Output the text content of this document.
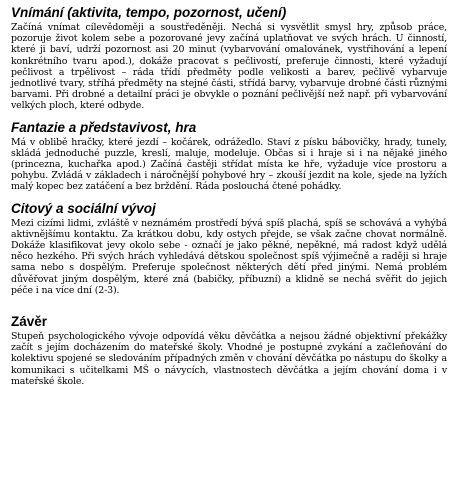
Vnímání (aktivita, tempo, pozornost, učení)

Začíná vnímat cílevědoměji a soustředěněji. Nechá si vysvětlit smysl hry, způsob práce, pozoruje život kolem sebe a pozorované jevy začíná uplatňovat ve svých hrách. U činností, které ji baví, udrží pozornost asi 20 minut (vybarvování omalovánek, vystřihování a lepení konkrétního tvaru apod.), dokáže pracovat s pečlivostí, preferuje činnosti, které vyžadují pečlivost a trpělivost – ráda třídí předměty podle velikosti a barev, pečlivě vybarvuje jednotlivé tvary, stříhá předměty na stejné části, střídá barvy, vybarvuje drobné části různými barvami. Při drobné a detailní práci je obvykle o poznání pečlivější než např. při vybarvování velkých ploch, které odbyde.

Fantazie a představivost, hra

Má v oblibě hračky, které jezdí – kočárek, odrážedlo. Staví z písku bábovičky, hrady, tunely, skládá jednoduché puzzle, kreslí, maluje, modeluje. Občas si i hraje si i na nějaké jiného (princezna, kuchařka apod.) Začíná častěji střídat místa ke hře, vyžaduje více prostoru a pohybu. Zvládá v základech i náročnější pohybové hry – zkouší jezdit na kole, sjede na lyžích malý kopec bez zatáčení a bez brždění. Ráda poslouchá čtené pohádky.

Citový a sociální vývoj

Mezi cizími lidmi, zvláště v neznámém prostředí bývá spíš plachá, spíš se schovává a vyhýbá aktivnějšímu kontaktu. Za krátkou dobu, kdy ostych přejde, se však začne chovat normálně. Dokáže klasifikovat jevy okolo sebe - označí je jako pěkné, nepěkné, má radost když udělá něco hezkého. Při svých hrách vyhledává dětskou společnost spíš výjimečně a raději si hraje sama nebo s dospělým. Preferuje společnost některých dětí před jinými. Nemá problém důvěřovat jiným dospělým, které zná (babičky, příbuzní) a klidně se nechá svěřit do jejich péče i na více dní (2-3).

Závěr

Stupeň psychologického vývoje odpovídá věku děvčátka a nejsou žádné objektivní překážky začít s jejím docházením do mateřské školy. Vhodné je postupné zvykání a začleňování do kolektivu spojené se sledováním případných změn v chování děvčátka po nástupu do školky a komunikaci s učitelkami MŠ o návycích, vlastnostech děvčátka a jejím chování doma i v mateřské škole.
